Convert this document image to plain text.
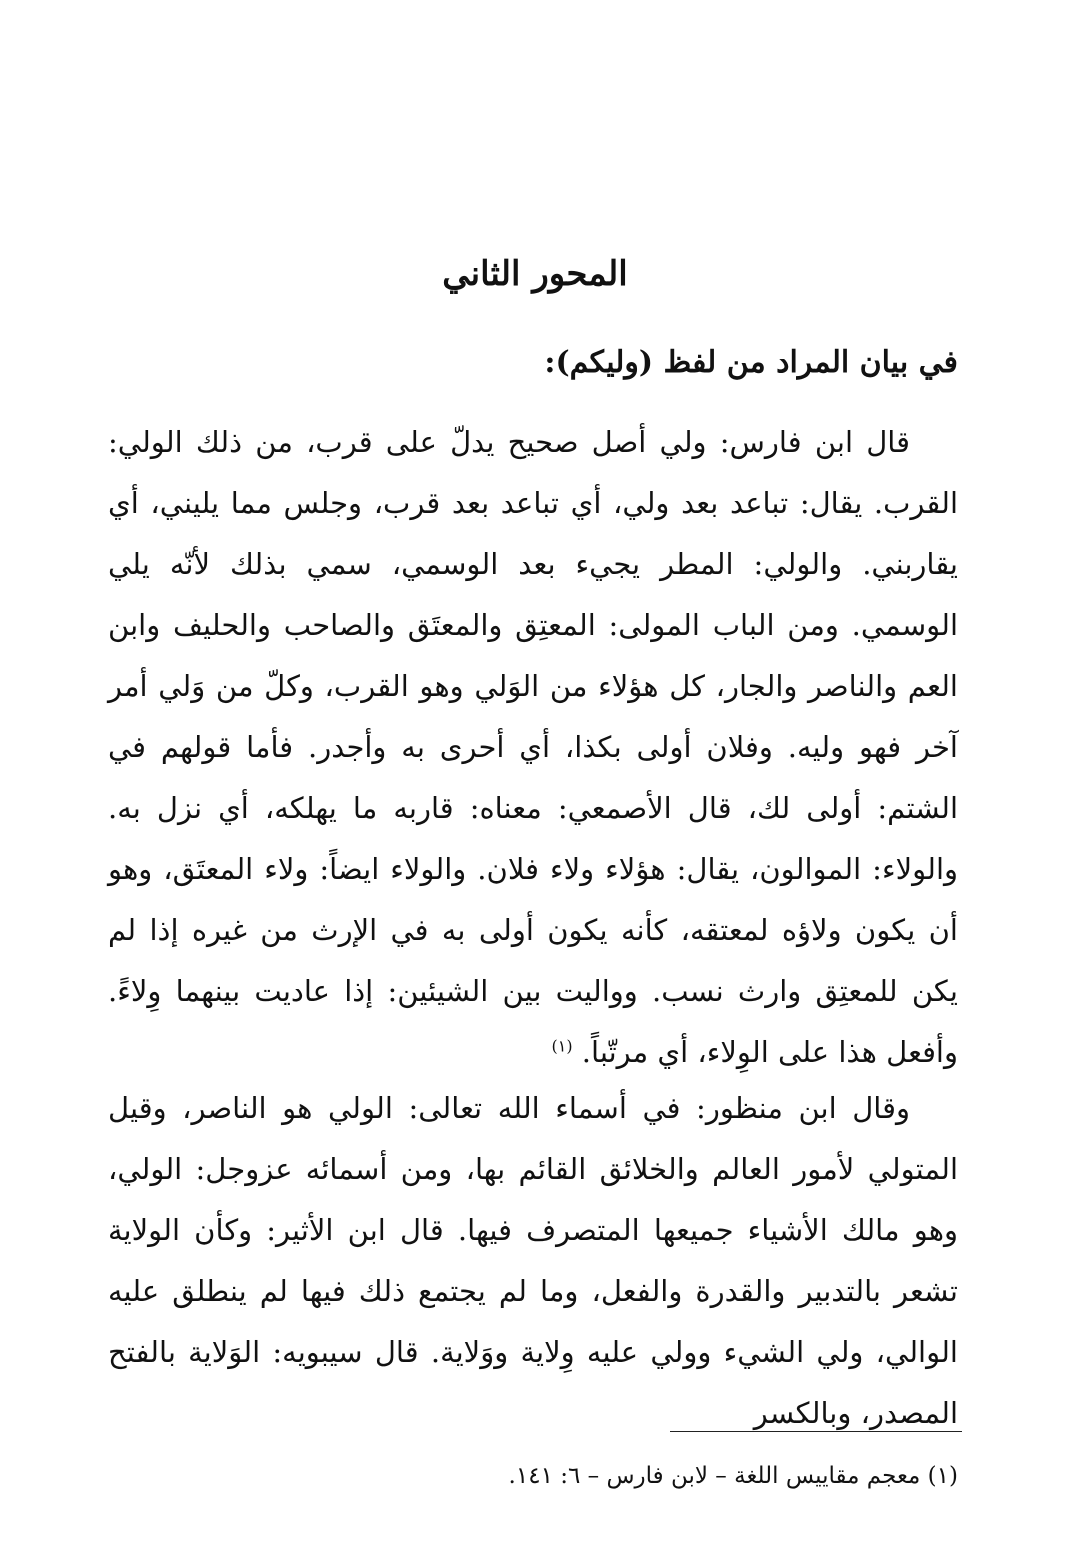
المحور الثاني
في بيان المراد من لفظ (وليكم):

قال ابن فارس: ولي أصل صحيح يدلّ على قرب، من ذلك الولي: القرب. يقال: تباعد بعد ولي، أي تباعد بعد قرب، وجلس مما يليني، أي يقاربني. والولي: المطر يجيء بعد الوسمي، سمي بذلك لأنّه يلي الوسمي. ومن الباب المولى: المعتِق والمعتَق والصاحب والحليف وابن العم والناصر والجار، كل هؤلاء من الوَلي وهو القرب، وكلّ من وَلي أمر آخر فهو وليه. وفلان أولى بكذا، أي أحرى به وأجدر. فأما قولهم في الشتم: أولى لك، قال الأصمعي: معناه: قاربه ما يهلكه، أي نزل به. والولاء: الموالون، يقال: هؤلاء ولاء فلان. والولاء ايضاً: ولاء المعتَق، وهو أن يكون ولاؤه لمعتقه، كأنه يكون أولى به في الإرث من غيره إذا لم يكن للمعتِق وارث نسب. وواليت بين الشيئين: إذا عاديت بينهما وِلاءً. وأفعل هذا على الوِلاء، أي مرتّباً. $^{(١)}$

وقال ابن منظور: في أسماء الله تعالى: الولي هو الناصر، وقيل المتولي لأمور العالم والخلائق القائم بها، ومن أسمائه عزوجل: الولي، وهو مالك الأشياء جميعها المتصرف فيها. قال ابن الأثير: وكأن الولاية تشعر بالتدبير والقدرة والفعل، وما لم يجتمع ذلك فيها لم ينطلق عليه الوالي، ولي الشيء وولي عليه وِلاية ووَلاية. قال سيبويه: الوَلاية بالفتح المصدر، وبالكسر

(١) معجم مقاييس اللغة – لابن فارس – ٦: ١٤١.
